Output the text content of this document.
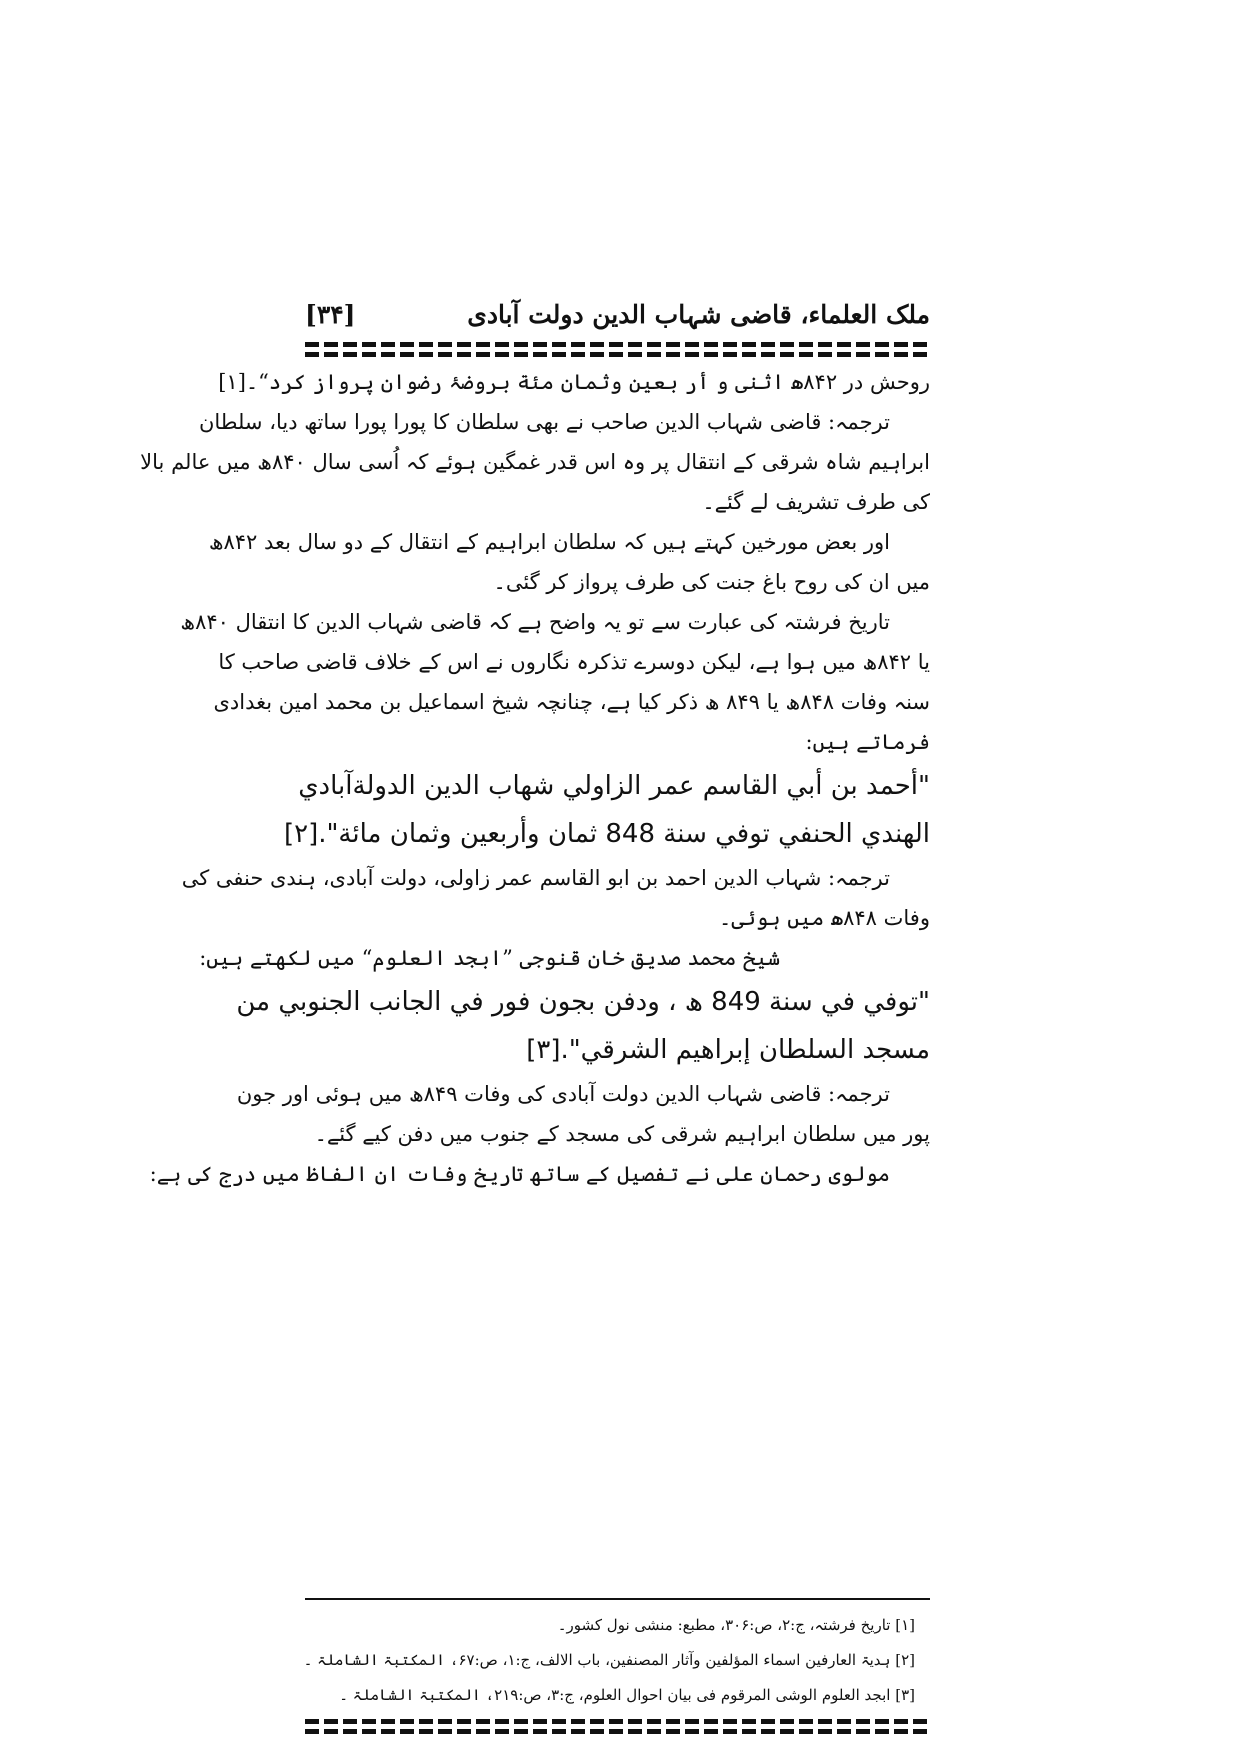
ملک العلماء، قاضی شہاب الدین دولت آبادی
[۳۴]
روحش در ۸۴۲ھ اثنی و أر بعین وثمان مئة بروضۂ رضوان پرواز کرد“۔[۱]
ترجمہ: قاضی شہاب الدین صاحب نے بھی سلطان کا پورا پورا ساتھ دیا، سلطان
ابراہیم شاہ شرقی کے انتقال پر وہ اس قدر غمگین ہوئے کہ اُسی سال ۸۴۰ھ میں عالم بالا
کی طرف تشریف لے گئے۔
اور بعض مورخین کہتے ہیں کہ سلطان ابراہیم کے انتقال کے دو سال بعد ۸۴۲ھ
میں ان کی روح باغ جنت کی طرف پرواز کر گئی۔
تاریخ فرشتہ کی عبارت سے تو یہ واضح ہے کہ قاضی شہاب الدین کا انتقال ۸۴۰ھ
یا ۸۴۲ھ میں ہوا ہے، لیکن دوسرے تذکرہ نگاروں نے اس کے خلاف قاضی صاحب کا
سنہ وفات ۸۴۸ھ یا ۸۴۹ ھ ذکر کیا ہے، چنانچہ شیخ اسماعیل بن محمد امین بغدادی
فرماتے ہیں:
"أحمد بن أبي القاسم عمر الزاولي شهاب الدين الدولةآبادي
الهندي الحنفي توفي سنة 848 ثمان وأربعين وثمان مائة".[۲]
ترجمہ: شہاب الدین احمد بن ابو القاسم عمر زاولی، دولت آبادی، ہندی حنفی کی
وفات ۸۴۸ھ میں ہوئی۔
شیخ محمد صدیق خان قنوجی ”ابجد العلوم“ میں لکھتے ہیں:
"توفي في سنة 849 ھ ، ودفن بجون فور في الجانب الجنوبي من
مسجد السلطان إبراهيم الشرقي".[۳]
ترجمہ: قاضی شہاب الدین دولت آبادی کی وفات ۸۴۹ھ میں ہوئی اور جون
پور میں سلطان ابراہیم شرقی کی مسجد کے جنوب میں دفن کیے گئے۔
مولوی رحمان علی نے تفصیل کے ساتھ تاریخ وفات ان الفاظ میں درج کی ہے:
[۱] تاریخ فرشتہ، ج:۲، ص:۳۰۶، مطبع: منشی نول کشور۔
[۲] ہدیۃ العارفین اسماء المؤلفین وآثار المصنفین، باب الالف، ج:۱، ص:۶۷، المکتبۃ الشاملۃ ۔
[۳] ابجد العلوم الوشی المرقوم فی بیان احوال العلوم، ج:۳، ص:۲۱۹، المکتبۃ الشاملۃ ۔
